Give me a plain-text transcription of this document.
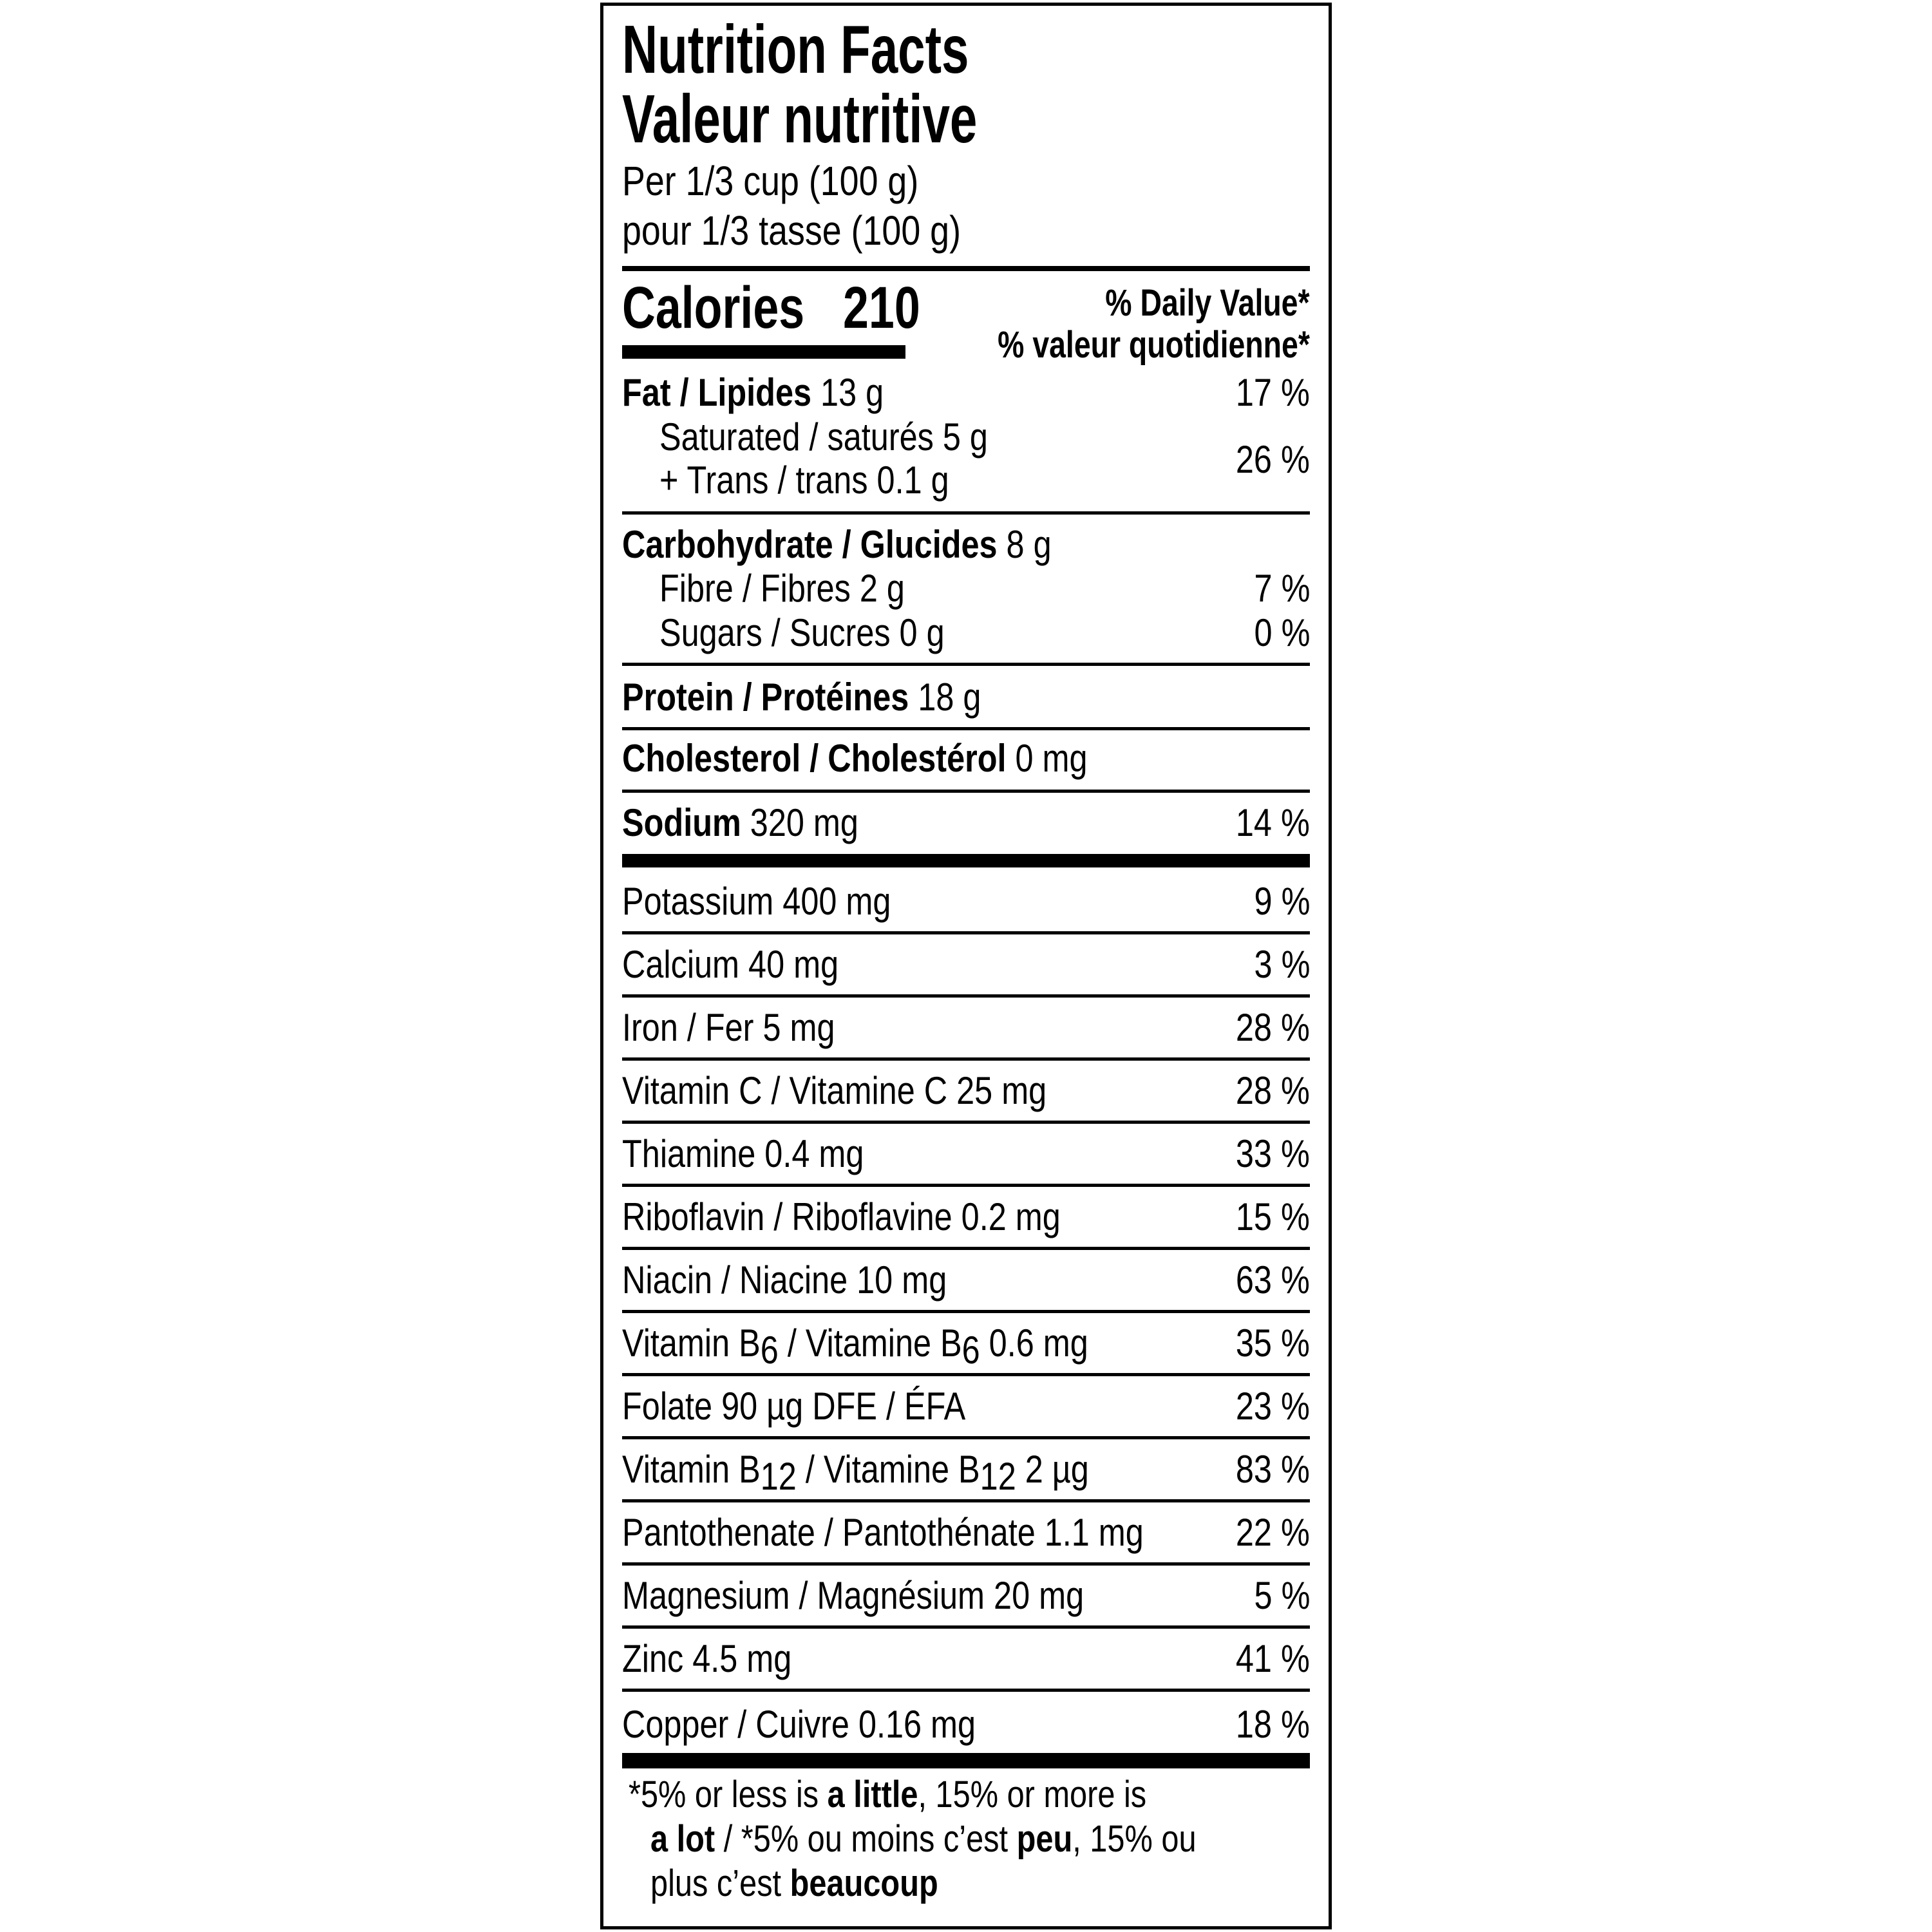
Nutrition Facts
Valeur nutritive
Per 1/3 cup (100 g)
pour 1/3 tasse (100 g)
Calories 210	% Daily Value*
% valeur quotidienne*
Fat / Lipides 13 g	17 %
Saturated / saturés 5 g
+ Trans / trans 0.1 g	26 %
Carbohydrate / Glucides 8 g
Fibre / Fibres 2 g	7 %
Sugars / Sucres 0 g	0 %
Protein / Protéines 18 g
Cholesterol / Cholestérol 0 mg
Sodium 320 mg	14 %
Potassium 400 mg	9 %
Calcium 40 mg	3 %
Iron / Fer 5 mg	28 %
Vitamin C / Vitamine C 25 mg	28 %
Thiamine 0.4 mg	33 %
Riboflavin / Riboflavine 0.2 mg	15 %
Niacin / Niacine 10 mg	63 %
Vitamin $B_6$ / Vitamine $B_6$ 0.6 mg	35 %
Folate 90 µg DFE / ÉFA	23 %
Vitamin $B_{12}$ / Vitamine $B_{12}$ 2 µg	83 %
Pantothenate / Pantothénate 1.1 mg 22 %
Magnesium / Magnésium 20 mg	5 %
Zinc 4.5 mg	41 %
Copper / Cuivre 0.16 mg	18 %
*5% or less is a little, 15% or more is
a lot / *5% ou moins c’est peu, 15% ou
plus c’est beaucoup
